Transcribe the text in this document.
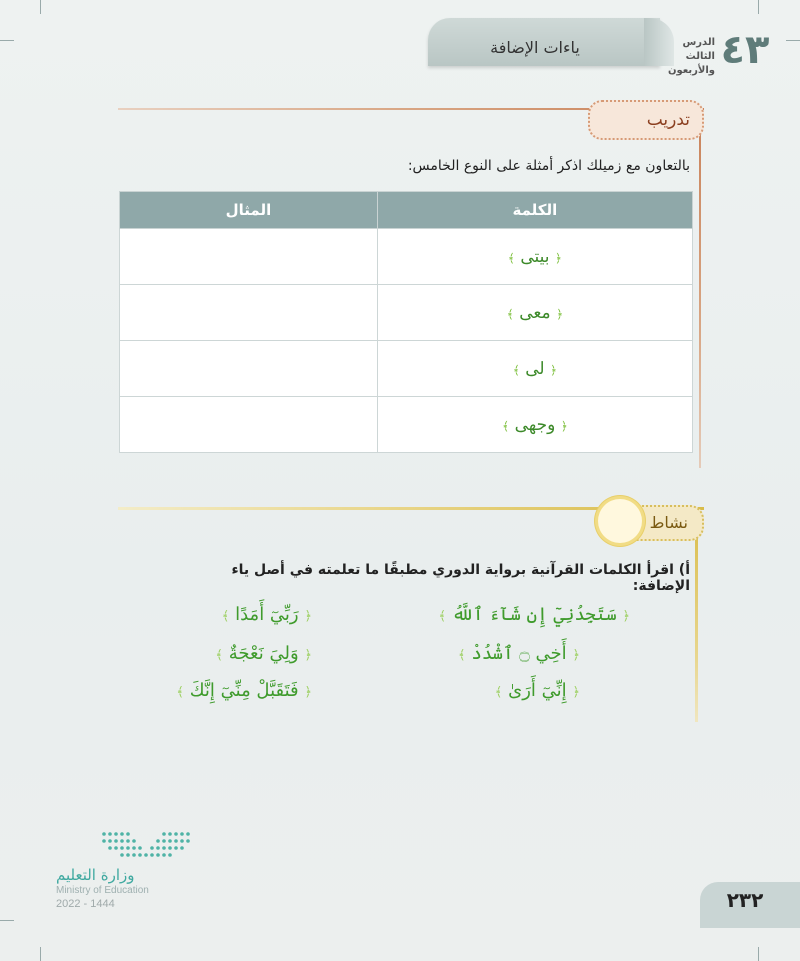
ياءات الإضافة	الدرس الثالث
والأربعون ٤٣
تدريب
بالتعاون مع زميلك اذكر أمثلة على النوع الخامس:
الكلمة	المثال
﴿ بيتى ﴾	
﴿ معى ﴾	
﴿ لى ﴾	
﴿ وجهى ﴾	
نشاط
أ) اقرأ الكلمات القرآنية برواية الدوري مطبقًا ما تعلمته في أصل ياء الإضافة:
﴿ سَتَجِدُنِيٓ إِن شَآءَ ٱللَّهُ ﴾
﴿ أَخِي ۝ ٱشْدُدْ ﴾
﴿ إِنِّيٓ أَرَىٰ ﴾
﴿ رَبِّيٓ أَمَدًا ﴾
﴿ وَلِيَ نَعْجَةٌ ﴾
﴿ فَتَقَبَّلْ مِنِّيٓ إِنَّكَ ﴾
وزارة التعليم
Ministry of Education
2022 - 1444	٢٣٢
